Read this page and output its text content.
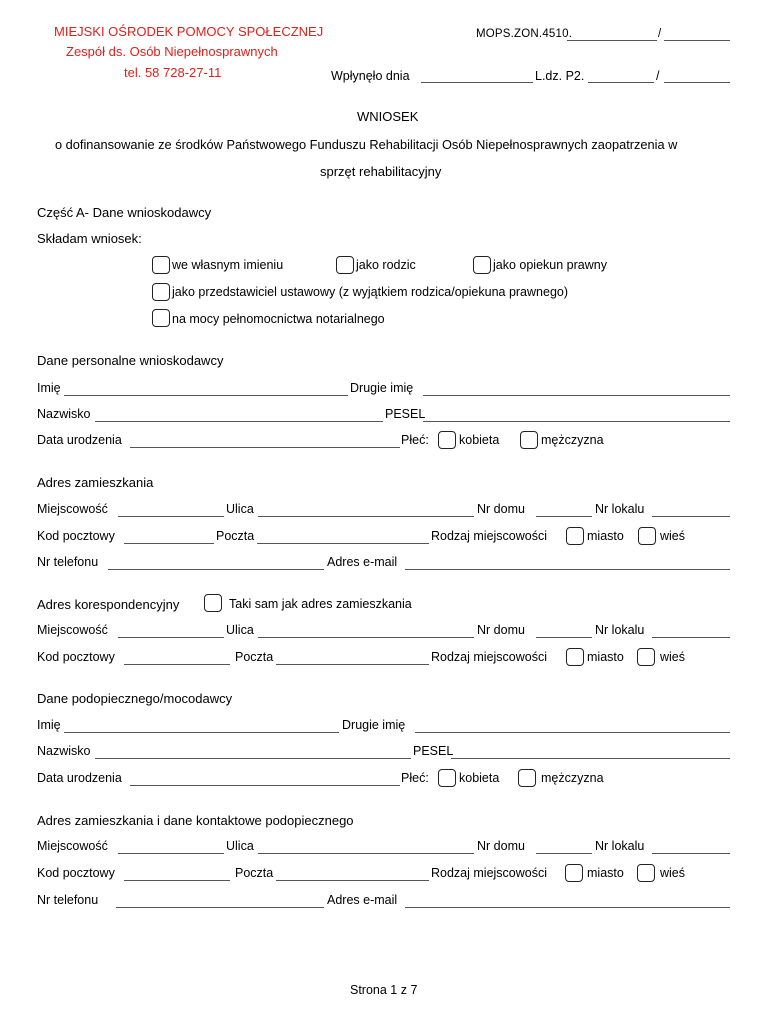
MIEJSKI OŚRODEK POMOCY SPOŁECZNEJ
Zespół ds. Osób Niepełnosprawnych
tel. 58 728-27-11
MOPS.ZON.4510.	/
Wpłynęło dnia	L.dz. P2.	/
WNIOSEK
o dofinansowanie ze środków Państwowego Funduszu Rehabilitacji Osób Niepełnosprawnych zaopatrzenia w
sprzęt rehabilitacyjny
Część A- Dane wnioskodawcy
Składam wniosek:
we własnym imieniu	jako rodzic	jako opiekun prawny
jako przedstawiciel ustawowy (z wyjątkiem rodzica/opiekuna prawnego)
na mocy pełnomocnictwa notarialnego
Dane personalne wnioskodawcy
Imię	Drugie imię
Nazwisko	PESEL
Data urodzenia	Płeć: kobieta	mężczyzna
Adres zamieszkania
Miejscowość	Ulica	Nr domu	Nr lokalu
Kod pocztowy	Poczta	Rodzaj miejscowości	miasto	wieś
Nr telefonu	Adres e-mail
Adres korespondencyjny	Taki sam jak adres zamieszkania
Miejscowość	Ulica	Nr domu	Nr lokalu
Kod pocztowy	Poczta	Rodzaj miejscowości	miasto	wieś
Dane podopiecznego/mocodawcy
Imię	Drugie imię
Nazwisko	PESEL
Data urodzenia	Płeć: kobieta	mężczyzna
Adres zamieszkania i dane kontaktowe podopiecznego
Miejscowość	Ulica	Nr domu	Nr lokalu
Kod pocztowy	Poczta	Rodzaj miejscowości	miasto	wieś
Nr telefonu	Adres e-mail
Strona 1 z 7
